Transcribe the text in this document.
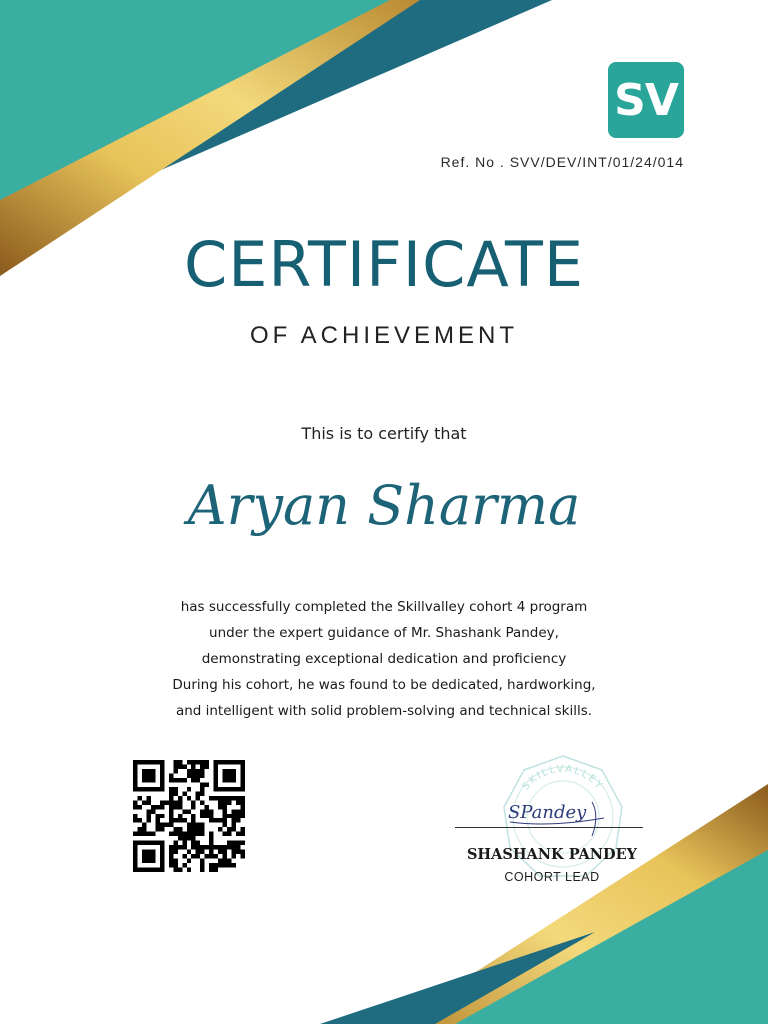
SV
Ref. No . SVV/DEV/INT/01/24/014
CERTIFICATE
OF ACHIEVEMENT
This is to certify that
Aryan Sharma
has successfully completed the Skillvalley cohort 4 program
under the expert guidance of Mr. Shashank Pandey,
demonstrating exceptional dedication and proficiency
During his cohort, he was found to be dedicated, hardworking,
and intelligent with solid problem-solving and technical skills.
SKILLVALLEY
SPandey
SHASHANK PANDEY
COHORT LEAD
